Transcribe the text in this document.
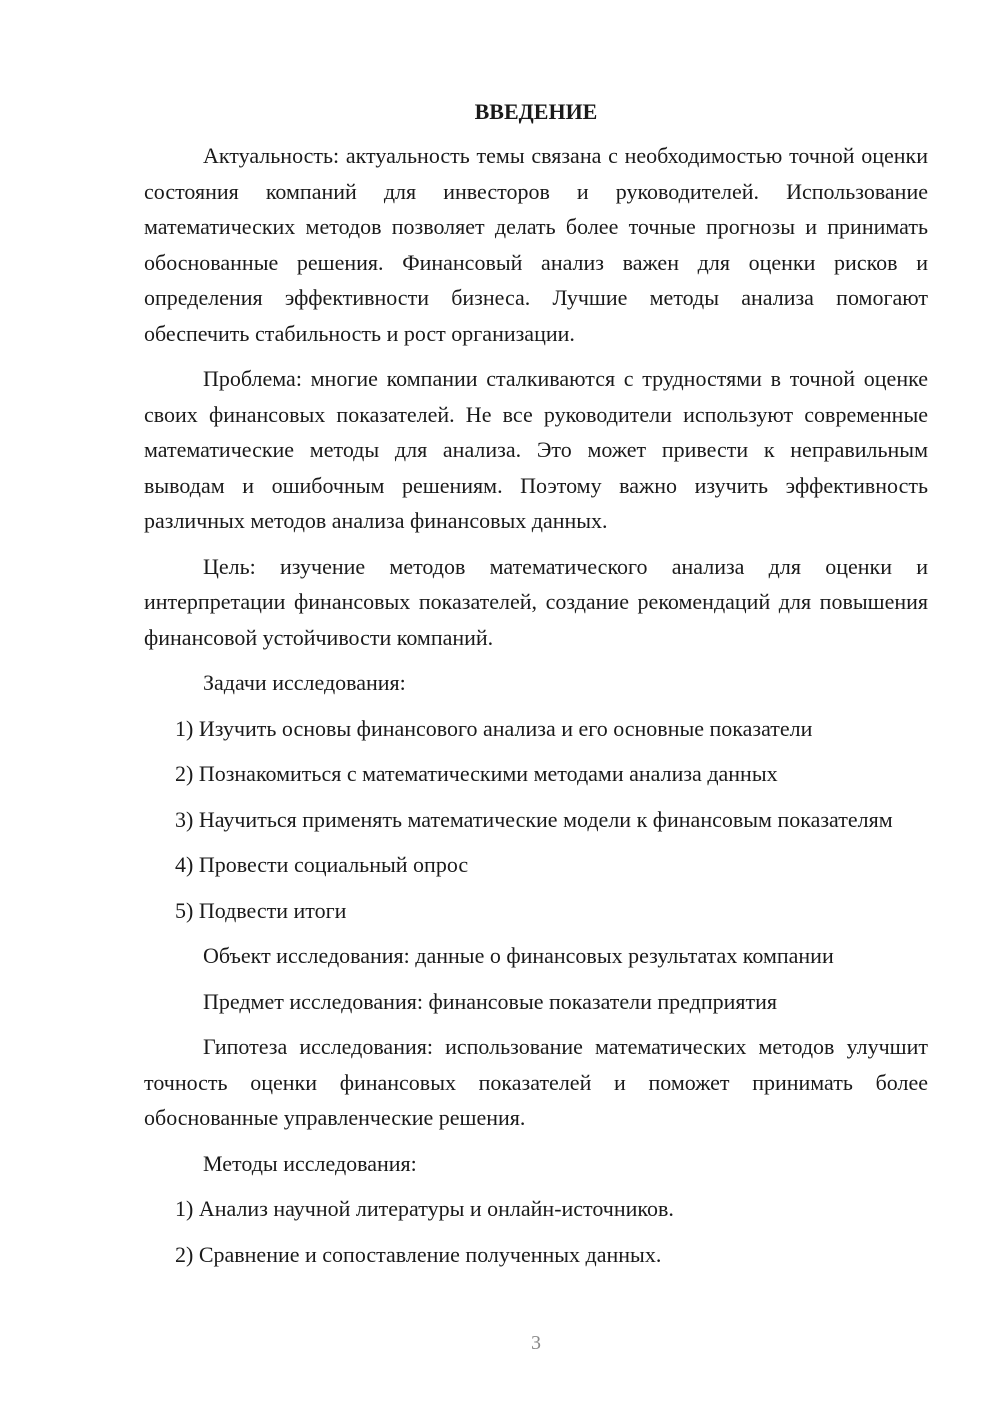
ВВЕДЕНИЕ

Актуальность: актуальность темы связана с необходимостью точной оценки состояния компаний для инвесторов и руководителей. Использование математических методов позволяет делать более точные прогнозы и принимать обоснованные решения. Финансовый анализ важен для оценки рисков и определения эффективности бизнеса. Лучшие методы анализа помогают обеспечить стабильность и рост организации.

Проблема: многие компании сталкиваются с трудностями в точной оценке своих финансовых показателей. Не все руководители используют современные математические методы для анализа. Это может привести к неправильным выводам и ошибочным решениям. Поэтому важно изучить эффективность различных методов анализа финансовых данных.

Цель: изучение методов математического анализа для оценки и интерпретации финансовых показателей, создание рекомендаций для повышения финансовой устойчивости компаний.

Задачи исследования:

1) Изучить основы финансового анализа и его основные показатели

2) Познакомиться с математическими методами анализа данных

3) Научиться применять математические модели к финансовым показателям

4) Провести социальный опрос

5) Подвести итоги

Объект исследования: данные о финансовых результатах компании

Предмет исследования: финансовые показатели предприятия

Гипотеза исследования: использование математических методов улучшит точность оценки финансовых показателей и поможет принимать более обоснованные управленческие решения.

Методы исследования:

1) Анализ научной литературы и онлайн-источников.

2) Сравнение и сопоставление полученных данных.

3
